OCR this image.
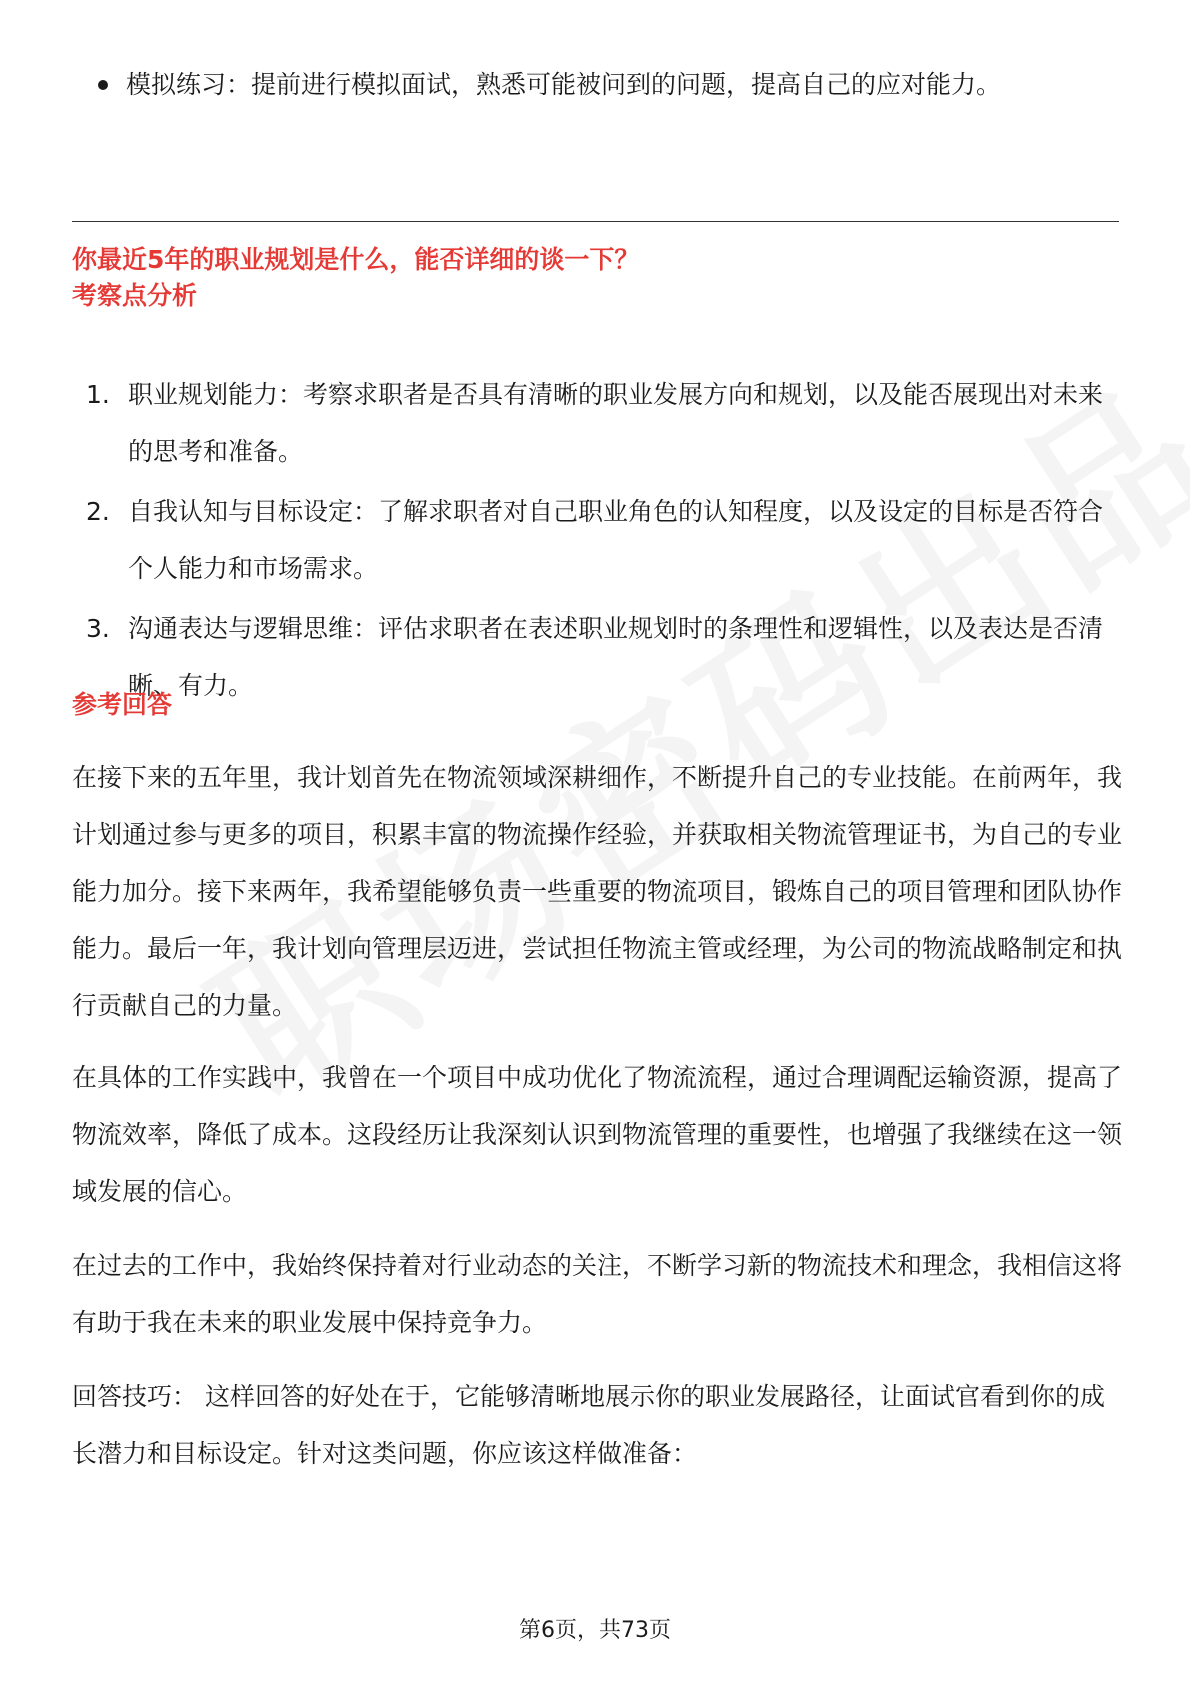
模拟练习：提前进行模拟面试，熟悉可能被问到的问题，提高自己的应对能力。
你最近5年的职业规划是什么，能否详细的谈一下？
考察点分析
1. 职业规划能力：考察求职者是否具有清晰的职业发展方向和规划，以及能否展现出对未来的思考和准备。
2. 自我认知与目标设定：了解求职者对自己职业角色的认知程度，以及设定的目标是否符合个人能力和市场需求。
3. 沟通表达与逻辑思维：评估求职者在表述职业规划时的条理性和逻辑性，以及表达是否清晰、有力。
参考回答

在接下来的五年里，我计划首先在物流领域深耕细作，不断提升自己的专业技能。在前两年，我计划通过参与更多的项目，积累丰富的物流操作经验，并获取相关物流管理证书，为自己的专业能力加分。接下来两年，我希望能够负责一些重要的物流项目，锻炼自己的项目管理和团队协作能力。最后一年，我计划向管理层迈进，尝试担任物流主管或经理，为公司的物流战略制定和执行贡献自己的力量。

在具体的工作实践中，我曾在一个项目中成功优化了物流流程，通过合理调配运输资源，提高了物流效率，降低了成本。这段经历让我深刻认识到物流管理的重要性，也增强了我继续在这一领域发展的信心。

在过去的工作中，我始终保持着对行业动态的关注，不断学习新的物流技术和理念，我相信这将有助于我在未来的职业发展中保持竞争力。

回答技巧： 这样回答的好处在于，它能够清晰地展示你的职业发展路径，让面试官看到你的成长潜力和目标设定。针对这类问题，你应该这样做准备：

第6页，共73页
